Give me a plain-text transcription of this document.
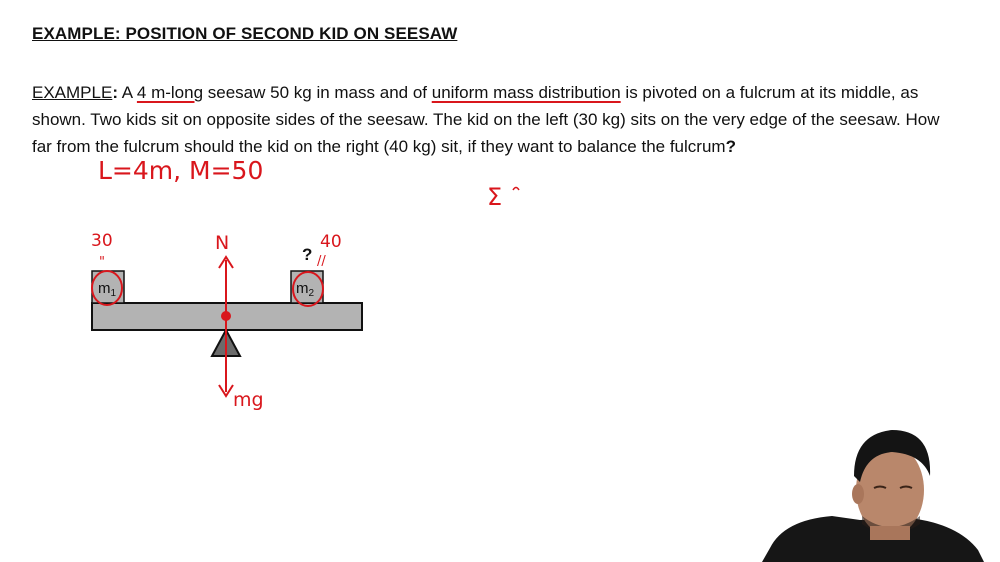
EXAMPLE: POSITION OF SECOND KID ON SEESAW
EXAMPLE: A 4 m-long seesaw 50 kg in mass and of uniform mass distribution is pivoted on a fulcrum at its middle, as shown. Two kids sit on opposite sides of the seesaw. The kid on the left (30 kg) sits on the very edge of the seesaw. How far from the fulcrum should the kid on the right (40 kg) sit, if they want to balance the fulcrum?
L=4m, M=50
Σ
$m_1$	$m_2$
?
N
mg
30
"
40
//
